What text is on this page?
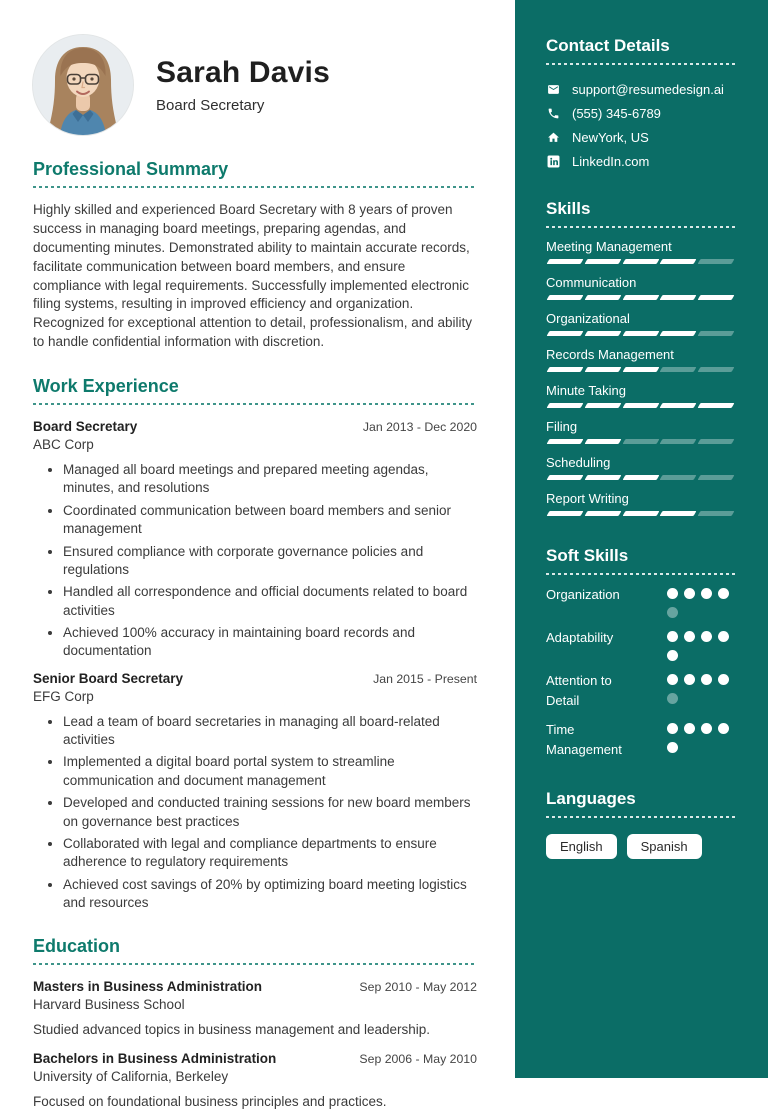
Sarah Davis
Board Secretary
Professional Summary

Highly skilled and experienced Board Secretary with 8 years of proven success in managing board meetings, preparing agendas, and documenting minutes. Demonstrated ability to maintain accurate records, facilitate communication between board members, and ensure compliance with legal requirements. Successfully implemented electronic filing systems, resulting in improved efficiency and organization. Recognized for exceptional attention to detail, professionalism, and ability to handle confidential information with discretion.

Work Experience
Board Secretary	Jan 2013 - Dec 2020
ABC Corp
• Managed all board meetings and prepared meeting agendas, minutes, and resolutions
• Coordinated communication between board members and senior management
• Ensured compliance with corporate governance policies and regulations
• Handled all correspondence and official documents related to board activities
• Achieved 100% accuracy in maintaining board records and documentation
Senior Board Secretary	Jan 2015 - Present
EFG Corp
• Lead a team of board secretaries in managing all board-related activities
• Implemented a digital board portal system to streamline communication and document management
• Developed and conducted training sessions for new board members on governance best practices
• Collaborated with legal and compliance departments to ensure adherence to regulatory requirements
• Achieved cost savings of 20% by optimizing board meeting logistics and resources
Education
Masters in Business Administration	Sep 2010 - May 2012
Harvard Business School

Studied advanced topics in business management and leadership.

Bachelors in Business Administration	Sep 2006 - May 2010
University of California, Berkeley

Focused on foundational business principles and practices.

Contact Details
support@resumedesign.ai
(555) 345-6789
NewYork, US
LinkedIn.com
Skills
Meeting Management
Communication
Organizational
Records Management
Minute Taking
Filing
Scheduling
Report Writing
Soft Skills
Organization
Adaptability
Attention to Detail
Time Management
Languages
English	Spanish
